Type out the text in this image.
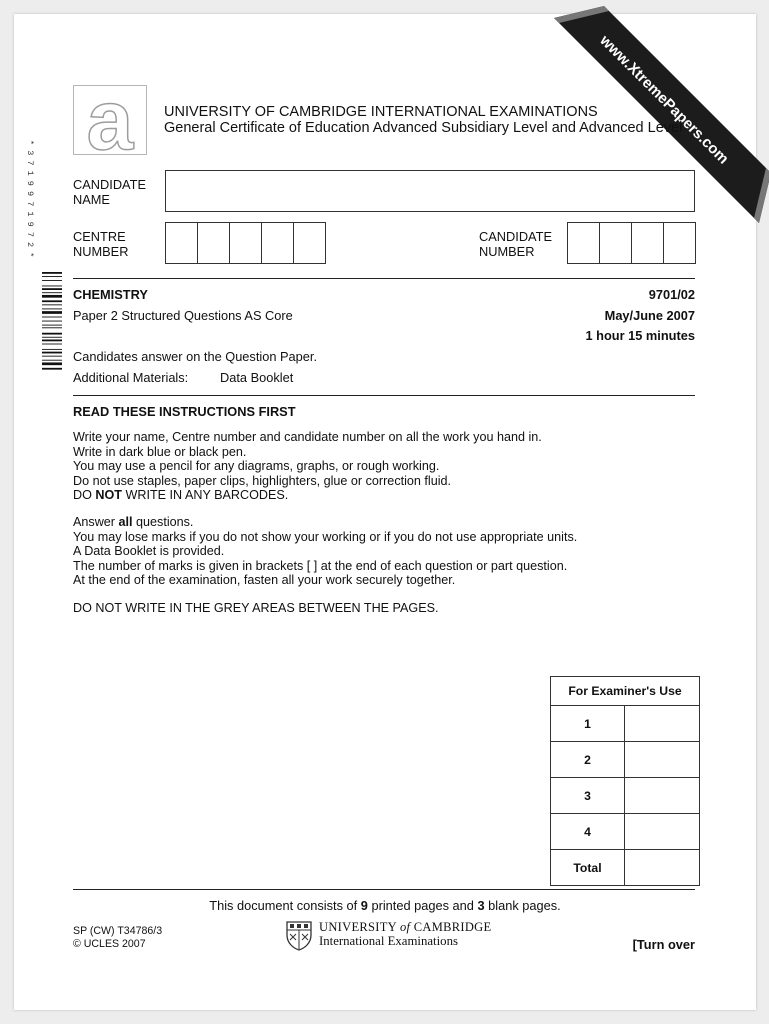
www.XtremePapers.com
a	UNIVERSITY OF CAMBRIDGE INTERNATIONAL EXAMINATIONS
General Certificate of Education Advanced Subsidiary Level and Advanced Level
CANDIDATE
NAME
CENTRE
NUMBER
CANDIDATE
NUMBER
* 3 7 1 9 9 7 1 9 7 2 *
CHEMISTRY	9701/02
Paper 2 Structured Questions AS Core	May/June 2007
1 hour 15 minutes
Candidates answer on the Question Paper.
Additional Materials: Data Booklet
READ THESE INSTRUCTIONS FIRST

Write your name, Centre number and candidate number on all the work you hand in.

Write in dark blue or black pen.

You may use a pencil for any diagrams, graphs, or rough working.

Do not use staples, paper clips, highlighters, glue or correction fluid.

DO NOT WRITE IN ANY BARCODES.

Answer all questions.

You may lose marks if you do not show your working or if you do not use appropriate units.

A Data Booklet is provided.

The number of marks is given in brackets [ ] at the end of each question or part question.

At the end of the examination, fasten all your work securely together.

DO NOT WRITE IN THE GREY AREAS BETWEEN THE PAGES.
For Examiner's Use	
1	
2	
3	
4	
Total	
This document consists of 9 printed pages and 3 blank pages.
SP (CW) T34786/3
© UCLES 2007
UNIVERSITY of CAMBRIDGE
International Examinations	[Turn over
